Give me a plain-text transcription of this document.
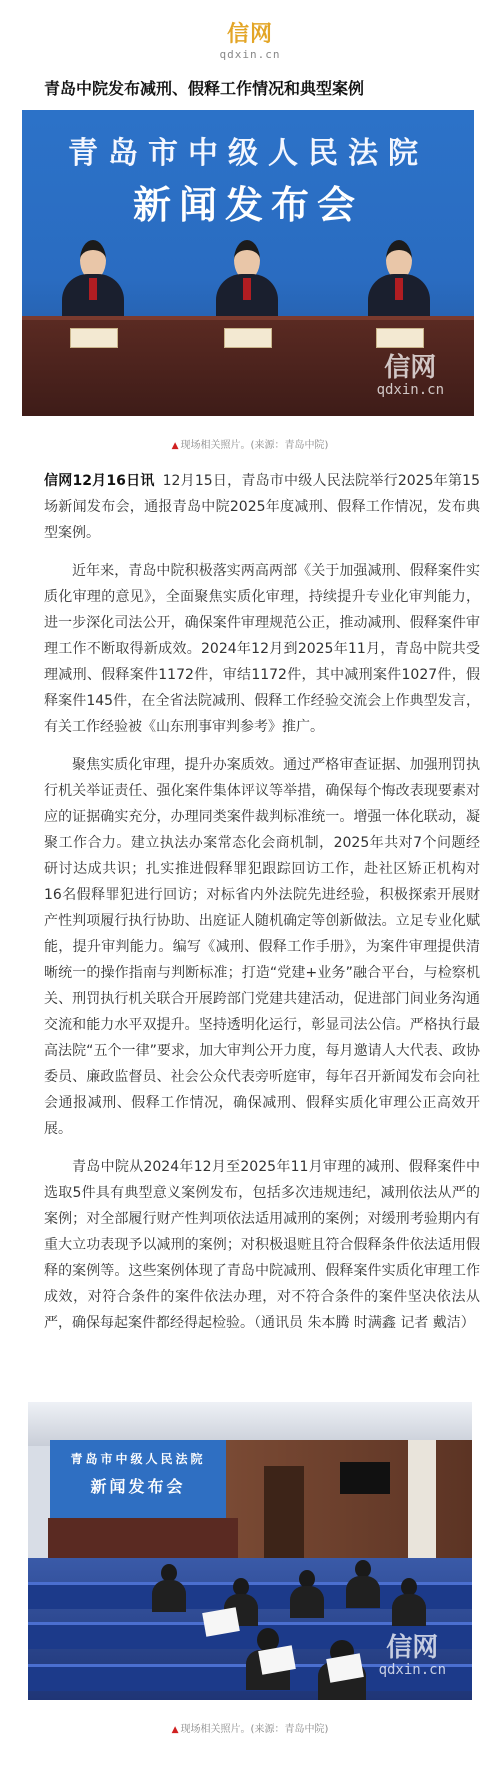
信网
qdxin.cn
青岛中院发布减刑、假释工作情况和典型案例
青岛市中级人民法院
新闻发布会
信网
qdxin.cn
▲ 现场相关照片。(来源：青岛中院)

信网12月16日讯 12月15日，青岛市中级人民法院举行2025年第15场新闻发布会，通报青岛中院2025年度减刑、假释工作情况，发布典型案例。

近年来，青岛中院积极落实两高两部《关于加强减刑、假释案件实质化审理的意见》，全面聚焦实质化审理，持续提升专业化审判能力，进一步深化司法公开，确保案件审理规范公正，推动减刑、假释案件审理工作不断取得新成效。2024年12月到2025年11月，青岛中院共受理减刑、假释案件1172件，审结1172件，其中减刑案件1027件，假释案件145件，在全省法院减刑、假释工作经验交流会上作典型发言，有关工作经验被《山东刑事审判参考》推广。

聚焦实质化审理，提升办案质效。通过严格审查证据、加强刑罚执行机关举证责任、强化案件集体评议等举措，确保每个悔改表现要素对应的证据确实充分，办理同类案件裁判标准统一。增强一体化联动，凝聚工作合力。建立执法办案常态化会商机制，2025年共对7个问题经研讨达成共识；扎实推进假释罪犯跟踪回访工作，赴社区矫正机构对16名假释罪犯进行回访；对标省内外法院先进经验，积极探索开展财产性判项履行执行协助、出庭证人随机确定等创新做法。立足专业化赋能，提升审判能力。编写《减刑、假释工作手册》，为案件审理提供清晰统一的操作指南与判断标准；打造“党建+业务”融合平台，与检察机关、刑罚执行机关联合开展跨部门党建共建活动，促进部门间业务沟通交流和能力水平双提升。坚持透明化运行，彰显司法公信。严格执行最高法院“五个一律”要求，加大审判公开力度，每月邀请人大代表、政协委员、廉政监督员、社会公众代表旁听庭审，每年召开新闻发布会向社会通报减刑、假释工作情况，确保减刑、假释实质化审理公正高效开展。

青岛中院从2024年12月至2025年11月审理的减刑、假释案件中选取5件具有典型意义案例发布，包括多次违规违纪，减刑依法从严的案例；对全部履行财产性判项依法适用减刑的案例；对缓刑考验期内有重大立功表现予以减刑的案例；对积极退赃且符合假释条件依法适用假释的案例等。这些案例体现了青岛中院减刑、假释案件实质化审理工作成效，对符合条件的案件依法办理，对不符合条件的案件坚决依法从严，确保每起案件都经得起检验。（通讯员 朱本腾 时满鑫 记者 戴洁）

青岛市中级人民法院
新闻发布会
信网
qdxin.cn
▲ 现场相关照片。(来源：青岛中院)
